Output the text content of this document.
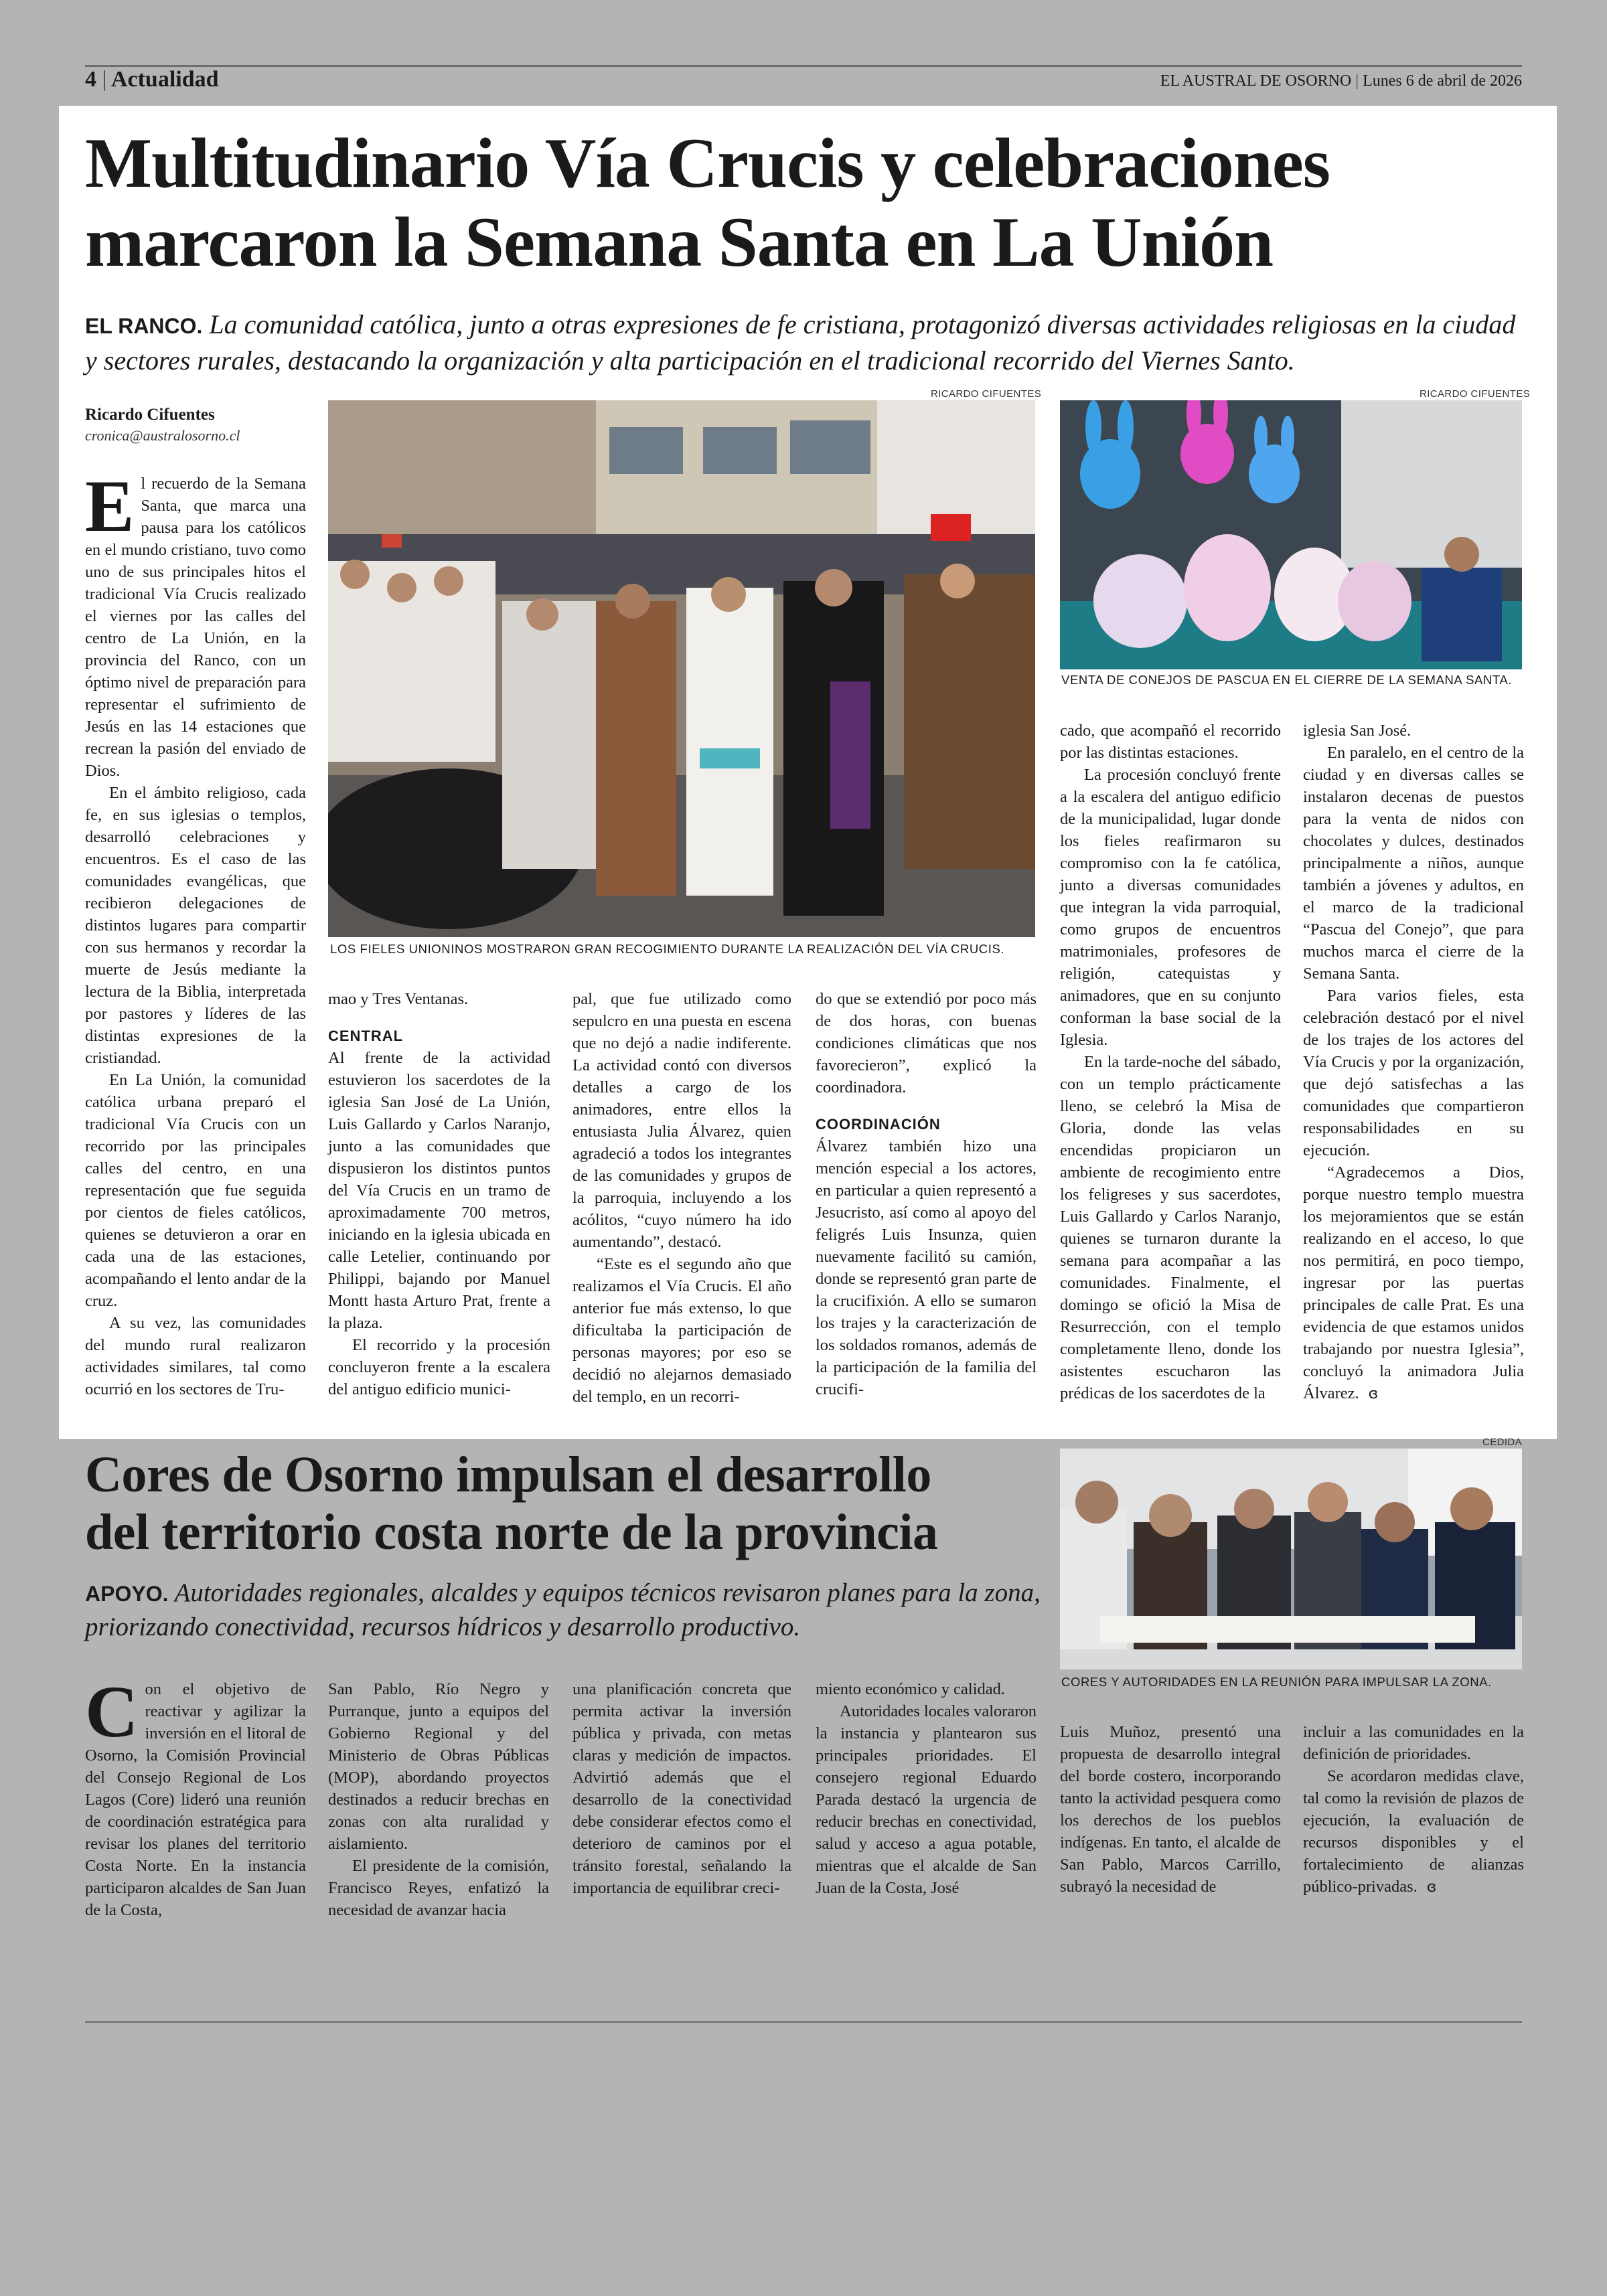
4 | Actualidad	EL AUSTRAL DE OSORNO | Lunes 6 de abril de 2026
Multitudinario Vía Crucis y celebraciones
marcaron la Semana Santa en La Unión
EL RANCO. La comunidad católica, junto a otras expresiones de fe cristiana, protagonizó diversas actividades religiosas en la ciudad y sectores rurales, destacando la organización y alta participación en el tradicional recorrido del Viernes Santo.
Ricardo Cifuentes
cronica@australosorno.cl
RICARDO CIFUENTES
LOS FIELES UNIONINOS MOSTRARON GRAN RECOGIMIENTO DURANTE LA REALIZACIÓN DEL VÍA CRUCIS.
RICARDO CIFUENTES
VENTA DE CONEJOS DE PASCUA EN EL CIERRE DE LA SEMANA SANTA.

El recuerdo de la Semana Santa, que marca una pausa para los católicos en el mundo cristiano, tuvo como uno de sus principales hitos el tradicional Vía Crucis realizado el viernes por las calles del centro de La Unión, en la provincia del Ranco, con un óptimo nivel de preparación para representar el sufrimiento de Jesús en las 14 estaciones que recrean la pasión del enviado de Dios.

En el ámbito religioso, cada fe, en sus iglesias o templos, desarrolló celebraciones y encuentros. Es el caso de las comunidades evangélicas, que recibieron delegaciones de distintos lugares para compartir con sus hermanos y recordar la muerte de Jesús mediante la lectura de la Biblia, interpretada por pastores y líderes de las distintas expresiones de la cristiandad.

En La Unión, la comunidad católica urbana preparó el tradicional Vía Crucis con un recorrido por las principales calles del centro, en una representación que fue seguida por cientos de fieles católicos, quienes se detuvieron a orar en cada una de las estaciones, acompañando el lento andar de la cruz.

A su vez, las comunidades del mundo rural realizaron actividades similares, tal como ocurrió en los sectores de Tru-

mao y Tres Ventanas.

CENTRAL

Al frente de la actividad estuvieron los sacerdotes de la iglesia San José de La Unión, Luis Gallardo y Carlos Naranjo, junto a las comunidades que dispusieron los distintos puntos del Vía Crucis en un tramo de aproximadamente 700 metros, iniciando en la iglesia ubicada en calle Letelier, continuando por Philippi, bajando por Manuel Montt hasta Arturo Prat, frente a la plaza.

El recorrido y la procesión concluyeron frente a la escalera del antiguo edificio munici-

pal, que fue utilizado como sepulcro en una puesta en escena que no dejó a nadie indiferente. La actividad contó con diversos detalles a cargo de los animadores, entre ellos la entusiasta Julia Álvarez, quien agradeció a todos los integrantes de las comunidades y grupos de la parroquia, incluyendo a los acólitos, “cuyo número ha ido aumentando”, destacó.

“Este es el segundo año que realizamos el Vía Crucis. El año anterior fue más extenso, lo que dificultaba la participación de personas mayores; por eso se decidió no alejarnos demasiado del templo, en un recorri-

do que se extendió por poco más de dos horas, con buenas condiciones climáticas que nos favorecieron”, explicó la coordinadora.

COORDINACIÓN

Álvarez también hizo una mención especial a los actores, en particular a quien representó a Jesucristo, así como al apoyo del feligrés Luis Insunza, quien nuevamente facilitó su camión, donde se representó gran parte de la crucifixión. A ello se sumaron los trajes y la caracterización de los soldados romanos, además de la participación de la familia del crucifi-

cado, que acompañó el recorrido por las distintas estaciones.

La procesión concluyó frente a la escalera del antiguo edificio de la municipalidad, lugar donde los fieles reafirmaron su compromiso con la fe católica, junto a diversas comunidades que integran la vida parroquial, como grupos de encuentros matrimoniales, profesores de religión, catequistas y animadores, que en su conjunto conforman la base social de la Iglesia.

En la tarde-noche del sábado, con un templo prácticamente lleno, se celebró la Misa de Gloria, donde las velas encendidas propiciaron un ambiente de recogimiento entre los feligreses y sus sacerdotes, Luis Gallardo y Carlos Naranjo, quienes se turnaron durante la semana para acompañar a las comunidades. Finalmente, el domingo se ofició la Misa de Resurrección, con el templo completamente lleno, donde los asistentes escucharon las prédicas de los sacerdotes de la

iglesia San José.

En paralelo, en el centro de la ciudad y en diversas calles se instalaron decenas de puestos para la venta de nidos con chocolates y dulces, destinados principalmente a niños, aunque también a jóvenes y adultos, en el marco de la tradicional “Pascua del Conejo”, que para muchos marca el cierre de la Semana Santa.

Para varios fieles, esta celebración destacó por el nivel de los trajes de los actores del Vía Crucis y por la organización, que dejó satisfechas a las comunidades que compartieron responsabilidades en su ejecución.

“Agradecemos a Dios, porque nuestro templo muestra los mejoramientos que se están realizando en el acceso, lo que nos permitirá, en poco tiempo, ingresar por las puertas principales de calle Prat. Es una evidencia de que estamos unidos trabajando por nuestra Iglesia”, concluyó la animadora Julia Álvarez. ɞ

Cores de Osorno impulsan el desarrollo
del territorio costa norte de la provincia
APOYO. Autoridades regionales, alcaldes y equipos técnicos revisaron planes para la zona, priorizando conectividad, recursos hídricos y desarrollo productivo.
CEDIDA
CORES Y AUTORIDADES EN LA REUNIÓN PARA IMPULSAR LA ZONA.

Con el objetivo de reactivar y agilizar la inversión en el litoral de Osorno, la Comisión Provincial del Consejo Regional de Los Lagos (Core) lideró una reunión de coordinación estratégica para revisar los planes del territorio Costa Norte. En la instancia participaron alcaldes de San Juan de la Costa,

San Pablo, Río Negro y Purranque, junto a equipos del Gobierno Regional y del Ministerio de Obras Públicas (MOP), abordando proyectos destinados a reducir brechas en zonas con alta ruralidad y aislamiento.

El presidente de la comisión, Francisco Reyes, enfatizó la necesidad de avanzar hacia

una planificación concreta que permita activar la inversión pública y privada, con metas claras y medición de impactos. Advirtió además que el desarrollo de la conectividad debe considerar efectos como el deterioro de caminos por el tránsito forestal, señalando la importancia de equilibrar creci-

miento económico y calidad.

Autoridades locales valoraron la instancia y plantearon sus principales prioridades. El consejero regional Eduardo Parada destacó la urgencia de reducir brechas en conectividad, salud y acceso a agua potable, mientras que el alcalde de San Juan de la Costa, José

Luis Muñoz, presentó una propuesta de desarrollo integral del borde costero, incorporando tanto la actividad pesquera como los derechos de los pueblos indígenas. En tanto, el alcalde de San Pablo, Marcos Carrillo, subrayó la necesidad de

incluir a las comunidades en la definición de prioridades.

Se acordaron medidas clave, tal como la revisión de plazos de ejecución, la evaluación de recursos disponibles y el fortalecimiento de alianzas público-privadas. ɞ
